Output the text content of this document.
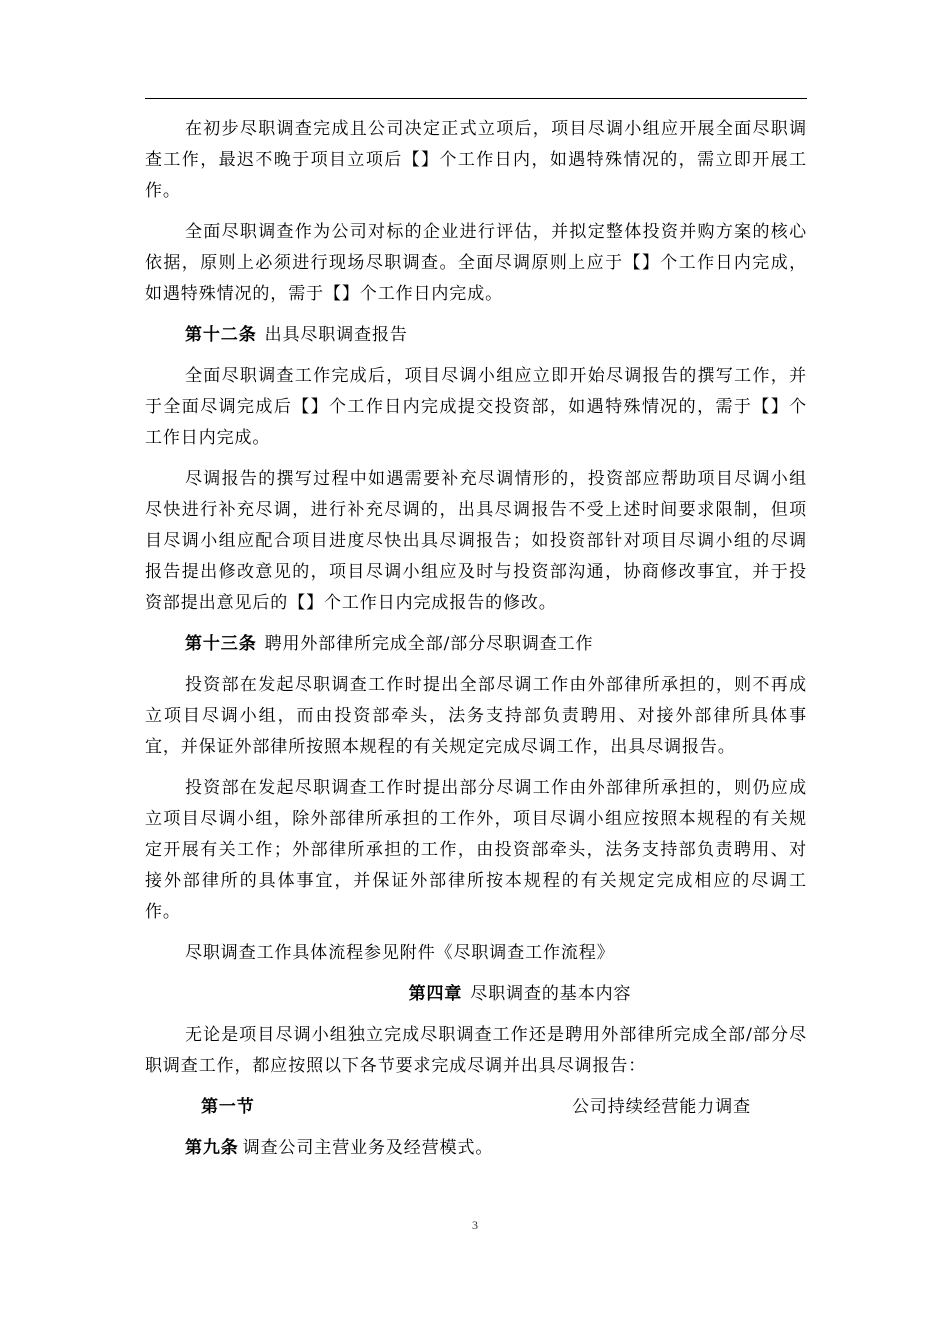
在初步尽职调查完成且公司决定正式立项后，项目尽调小组应开展全面尽职调查工作，最迟不晚于项目立项后【】个工作日内，如遇特殊情况的，需立即开展工作。

全面尽职调查作为公司对标的企业进行评估，并拟定整体投资并购方案的核心依据，原则上必须进行现场尽职调查。全面尽调原则上应于【】个工作日内完成，如遇特殊情况的，需于【】个工作日内完成。

第十二条 出具尽职调查报告

全面尽职调查工作完成后，项目尽调小组应立即开始尽调报告的撰写工作，并于全面尽调完成后【】个工作日内完成提交投资部，如遇特殊情况的，需于【】个工作日内完成。

尽调报告的撰写过程中如遇需要补充尽调情形的，投资部应帮助项目尽调小组尽快进行补充尽调，进行补充尽调的，出具尽调报告不受上述时间要求限制，但项目尽调小组应配合项目进度尽快出具尽调报告；如投资部针对项目尽调小组的尽调报告提出修改意见的，项目尽调小组应及时与投资部沟通，协商修改事宜，并于投资部提出意见后的【】个工作日内完成报告的修改。

第十三条 聘用外部律所完成全部/部分尽职调查工作

投资部在发起尽职调查工作时提出全部尽调工作由外部律所承担的，则不再成立项目尽调小组，而由投资部牵头，法务支持部负责聘用、对接外部律所具体事宜，并保证外部律所按照本规程的有关规定完成尽调工作，出具尽调报告。

投资部在发起尽职调查工作时提出部分尽调工作由外部律所承担的，则仍应成立项目尽调小组，除外部律所承担的工作外，项目尽调小组应按照本规程的有关规定开展有关工作；外部律所承担的工作，由投资部牵头，法务支持部负责聘用、对接外部律所的具体事宜，并保证外部律所按本规程的有关规定完成相应的尽调工作。

尽职调查工作具体流程参见附件《尽职调查工作流程》

第四章 尽职调查的基本内容

无论是项目尽调小组独立完成尽职调查工作还是聘用外部律所完成全部/部分尽职调查工作，都应按照以下各节要求完成尽调并出具尽调报告：

第一节	公司持续经营能力调查

第九条 调查公司主营业务及经营模式。

3
